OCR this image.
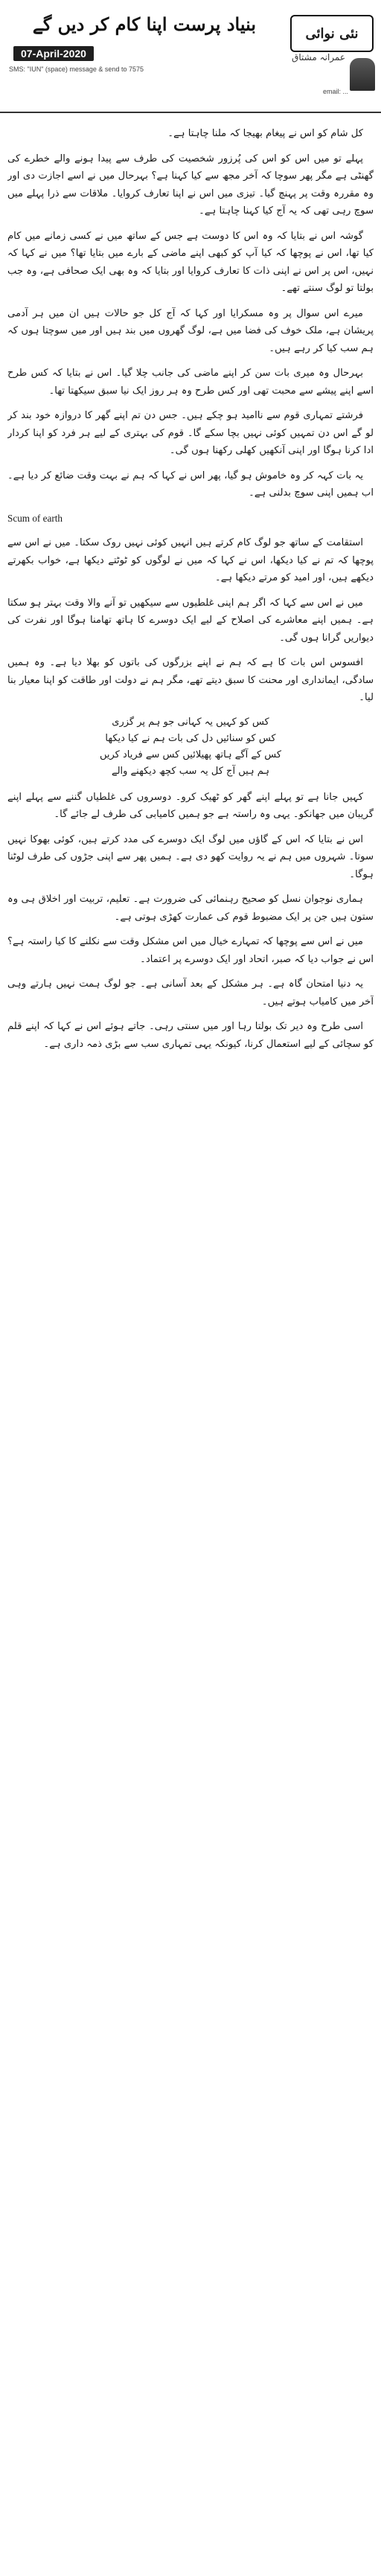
07-April-2020
SMS: "IUN" (space) message & send to 7575
email: ...
بنیاد پرست اپنا کام کر دیں گے
عمرانہ مشتاق
نئی نوائی

کل شام کو اس نے پیغام بھیجا کہ ملنا چاہتا ہے۔

پہلے تو میں اس کو اس کی پُرزور شخصیت کی طرف سے پیدا ہونے والے خطرے کی گھنٹی ہے مگر پھر سوچا کہ آخر مجھ سے کیا کہنا ہے؟ بہرحال میں نے اسے اجازت دی اور وہ مقررہ وقت پر پہنچ گیا۔ تیزی میں اس نے اپنا تعارف کروایا۔ ملاقات سے ذرا پہلے میں سوچ رہی تھی کہ یہ آج کیا کہنا چاہتا ہے۔

گوشہ اس نے بتایا کہ وہ اس کا دوست ہے جس کے ساتھ میں نے کسی زمانے میں کام کیا تھا، اس نے پوچھا کہ کیا آپ کو کبھی اپنے ماضی کے بارے میں بتایا تھا؟ میں نے کہا کہ نہیں، اس پر اس نے اپنی ذات کا تعارف کروایا اور بتایا کہ وہ بھی ایک صحافی ہے، وہ جب بولتا تو لوگ سنتے تھے۔

میرے اس سوال پر وہ مسکرایا اور کہا کہ آج کل جو حالات ہیں ان میں ہر آدمی پریشان ہے، ملک خوف کی فضا میں ہے، لوگ گھروں میں بند ہیں اور میں سوچتا ہوں کہ ہم سب کیا کر رہے ہیں۔

بہرحال وہ میری بات سن کر اپنے ماضی کی جانب چلا گیا۔ اس نے بتایا کہ کس طرح اسے اپنے پیشے سے محبت تھی اور کس طرح وہ ہر روز ایک نیا سبق سیکھتا تھا۔

فرشتے تمہاری قوم سے ناامید ہو چکے ہیں۔ جس دن تم اپنے گھر کا دروازہ خود بند کر لو گے اس دن تمہیں کوئی نہیں بچا سکے گا۔ قوم کی بہتری کے لیے ہر فرد کو اپنا کردار ادا کرنا ہوگا اور اپنی آنکھیں کھلی رکھنا ہوں گی۔

یہ بات کہہ کر وہ خاموش ہو گیا، پھر اس نے کہا کہ ہم نے بہت وقت ضائع کر دیا ہے۔ اب ہمیں اپنی سوچ بدلنی ہے۔

Scum of earth

استقامت کے ساتھ جو لوگ کام کرتے ہیں انہیں کوئی نہیں روک سکتا۔ میں نے اس سے پوچھا کہ تم نے کیا دیکھا، اس نے کہا کہ میں نے لوگوں کو ٹوٹتے دیکھا ہے، خواب بکھرتے دیکھے ہیں، اور امید کو مرتے دیکھا ہے۔

میں نے اس سے کہا کہ اگر ہم اپنی غلطیوں سے سیکھیں تو آنے والا وقت بہتر ہو سکتا ہے۔ ہمیں اپنے معاشرے کی اصلاح کے لیے ایک دوسرے کا ہاتھ تھامنا ہوگا اور نفرت کی دیواریں گرانا ہوں گی۔

افسوس اس بات کا ہے کہ ہم نے اپنے بزرگوں کی باتوں کو بھلا دیا ہے۔ وہ ہمیں سادگی، ایمانداری اور محنت کا سبق دیتے تھے، مگر ہم نے دولت اور طاقت کو اپنا معیار بنا لیا۔

کس کو کہیں یہ کہانی جو ہم پر گزری
کس کو سنائیں دل کی بات ہم نے کیا دیکھا
کس کے آگے ہاتھ پھیلائیں کس سے فریاد کریں
ہم ہیں آج کل یہ سب کچھ دیکھنے والے

کہیں جانا ہے تو پہلے اپنے گھر کو ٹھیک کرو۔ دوسروں کی غلطیاں گننے سے پہلے اپنے گریبان میں جھانکو۔ یہی وہ راستہ ہے جو ہمیں کامیابی کی طرف لے جائے گا۔

اس نے بتایا کہ اس کے گاؤں میں لوگ ایک دوسرے کی مدد کرتے ہیں، کوئی بھوکا نہیں سوتا۔ شہروں میں ہم نے یہ روایت کھو دی ہے۔ ہمیں پھر سے اپنی جڑوں کی طرف لوٹنا ہوگا۔

ہماری نوجوان نسل کو صحیح رہنمائی کی ضرورت ہے۔ تعلیم، تربیت اور اخلاق ہی وہ ستون ہیں جن پر ایک مضبوط قوم کی عمارت کھڑی ہوتی ہے۔

میں نے اس سے پوچھا کہ تمہارے خیال میں اس مشکل وقت سے نکلنے کا کیا راستہ ہے؟ اس نے جواب دیا کہ صبر، اتحاد اور ایک دوسرے پر اعتماد۔

یہ دنیا امتحان گاہ ہے۔ ہر مشکل کے بعد آسانی ہے۔ جو لوگ ہمت نہیں ہارتے وہی آخر میں کامیاب ہوتے ہیں۔

اسی طرح وہ دیر تک بولتا رہا اور میں سنتی رہی۔ جاتے ہوئے اس نے کہا کہ اپنے قلم کو سچائی کے لیے استعمال کرنا، کیونکہ یہی تمہاری سب سے بڑی ذمہ داری ہے۔
